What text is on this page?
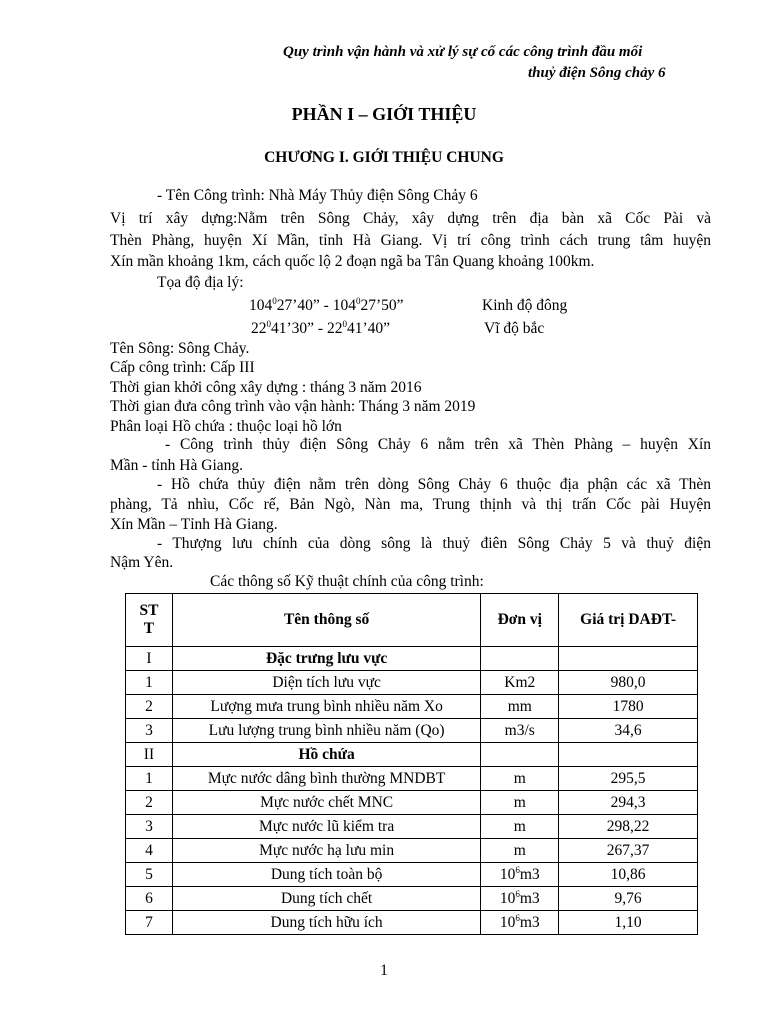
Quy trình vận hành và xử lý sự cố các công trình đầu mối
thuỷ điện Sông chảy 6
PHẦN I – GIỚI THIỆU
CHƯƠNG I. GIỚI THIỆU CHUNG
- Tên Công trình: Nhà Máy Thủy điện Sông Chảy 6
Vị trí xây dựng:Nằm trên Sông Chảy, xây dựng trên địa bàn xã Cốc Pài và
Thèn Phàng, huyện Xí Mần, tỉnh Hà Giang. Vị trí công trình cách trung tâm huyện
Xín mần khoảng 1km, cách quốc lộ 2 đoạn ngã ba Tân Quang khoảng 100km.
Tọa độ địa lý:
$104^027’40$” - $104^027’50$”	Kinh độ đông
$22^041’30$” - $22^041’40$”	Vĩ độ bắc
Tên Sông: Sông Chảy.
Cấp công trình: Cấp III
Thời gian khởi công xây dựng : tháng 3 năm 2016
Thời gian đưa công trình vào vận hành: Tháng 3 năm 2019
Phân loại Hồ chứa : thuộc loại hồ lớn
- Công trình thủy điện Sông Chảy 6 nằm trên xã Thèn Phàng – huyện Xín
Mần - tỉnh Hà Giang.
- Hồ chứa thủy điện nằm trên dòng Sông Chảy 6 thuộc địa phận các xã Thèn
phàng, Tả nhìu, Cốc rế, Bản Ngò, Nàn ma, Trung thịnh và thị trấn Cốc pài Huyện
Xín Mần – Tỉnh Hà Giang.
- Thượng lưu chính của dòng sông là thuỷ điên Sông Chảy 5 và thuỷ điện
Nậm Yên.
Các thông số Kỹ thuật chính của công trình:
ST
T	Tên thông số	Đơn vị	Giá trị DAĐT-
I	Đặc trưng lưu vực		
1	Diện tích lưu vực	Km2	980,0
2	Lượng mưa trung bình nhiều năm Xo	mm	1780
3	Lưu lượng trung bình nhiều năm (Qo)	m3/s	34,6
II	Hồ chứa		
1	Mực nước dâng bình thường MNDBT	m	295,5
2	Mực nước chết MNC	m	294,3
3	Mực nước lũ kiểm tra	m	298,22
4	Mực nước hạ lưu min	m	267,37
5	Dung tích toàn bộ	$10^6m3$	10,86
6	Dung tích chết	$10^6m3$	9,76
7	Dung tích hữu ích	$10^6m3$	1,10
1
